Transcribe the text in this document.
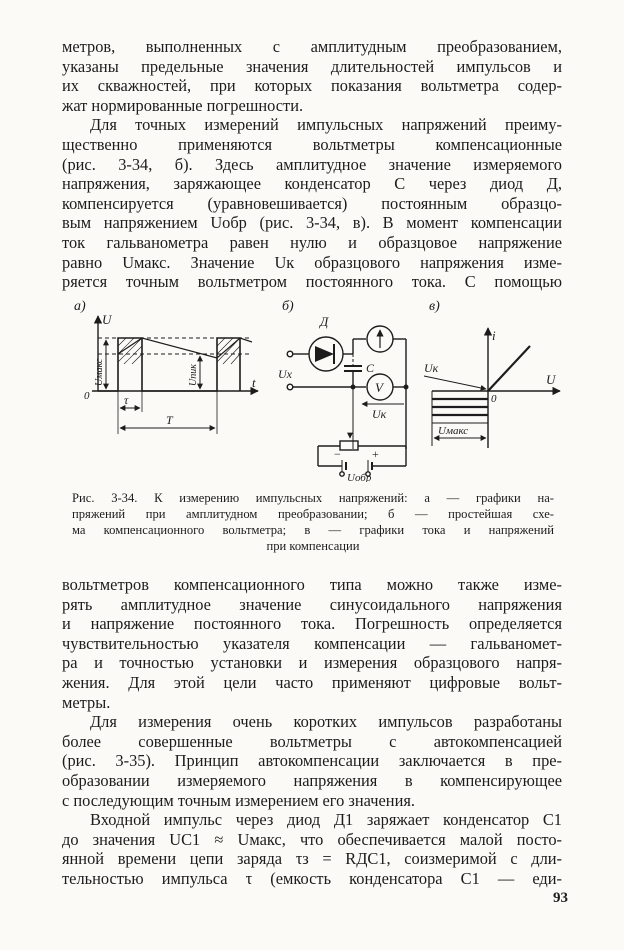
метров, выполненных с амплитудным преобразованием,
указаны предельные значения длительностей импульсов и
их скважностей, при которых показания вольтметра содер-
жат нормированные погрешности.
Для точных измерений импульсных напряжений преиму-
щественно применяются вольтметры компенсационные
(рис. 3-34, б). Здесь амплитудное значение измеряемого
напряжения, заряжающее конденсатор С через диод Д,
компенсируется (уравновешивается) постоянным образцо-
вым напряжением Uобр (рис. 3-34, в). В момент компенсации
ток гальванометра равен нулю и образцовое напряжение
равно Uмакс. Значение Uк образцового напряжения изме-
ряется точным вольтметром постоянного тока. С помощью
а)
U
t
0
Uмакс	Uпик
τ
T
б)
Д
Ux	C
V
Uк
−	+
Uобр
в)
i
U
0
Uк
Uмакс
Рис. 3-34. К измерению импульсных напряжений: а — графики на-
пряжений при амплитудном преобразовании; б — простейшая схе-
ма компенсационного вольтметра; в — графики тока и напряжений
при компенсации
вольтметров компенсационного типа можно также изме-
рять амплитудное значение синусоидального напряжения
и напряжение постоянного тока. Погрешность определяется
чувствительностью указателя компенсации — гальваномет-
ра и точностью установки и измерения образцового напря-
жения. Для этой цели часто применяют цифровые вольт-
метры.
Для измерения очень коротких импульсов разработаны
более совершенные вольтметры с автокомпенсацией
(рис. 3-35). Принцип автокомпенсации заключается в пре-
образовании измеряемого напряжения в компенсирующее
с последующим точным измерением его значения.
Входной импульс через диод Д1 заряжает конденсатор С1
до значения UC1 ≈ Uмакс, что обеспечивается малой посто-
янной времени цепи заряда τз = RДC1, соизмеримой с дли-
тельностью импульса τ (емкость конденсатора С1 — еди-
93
